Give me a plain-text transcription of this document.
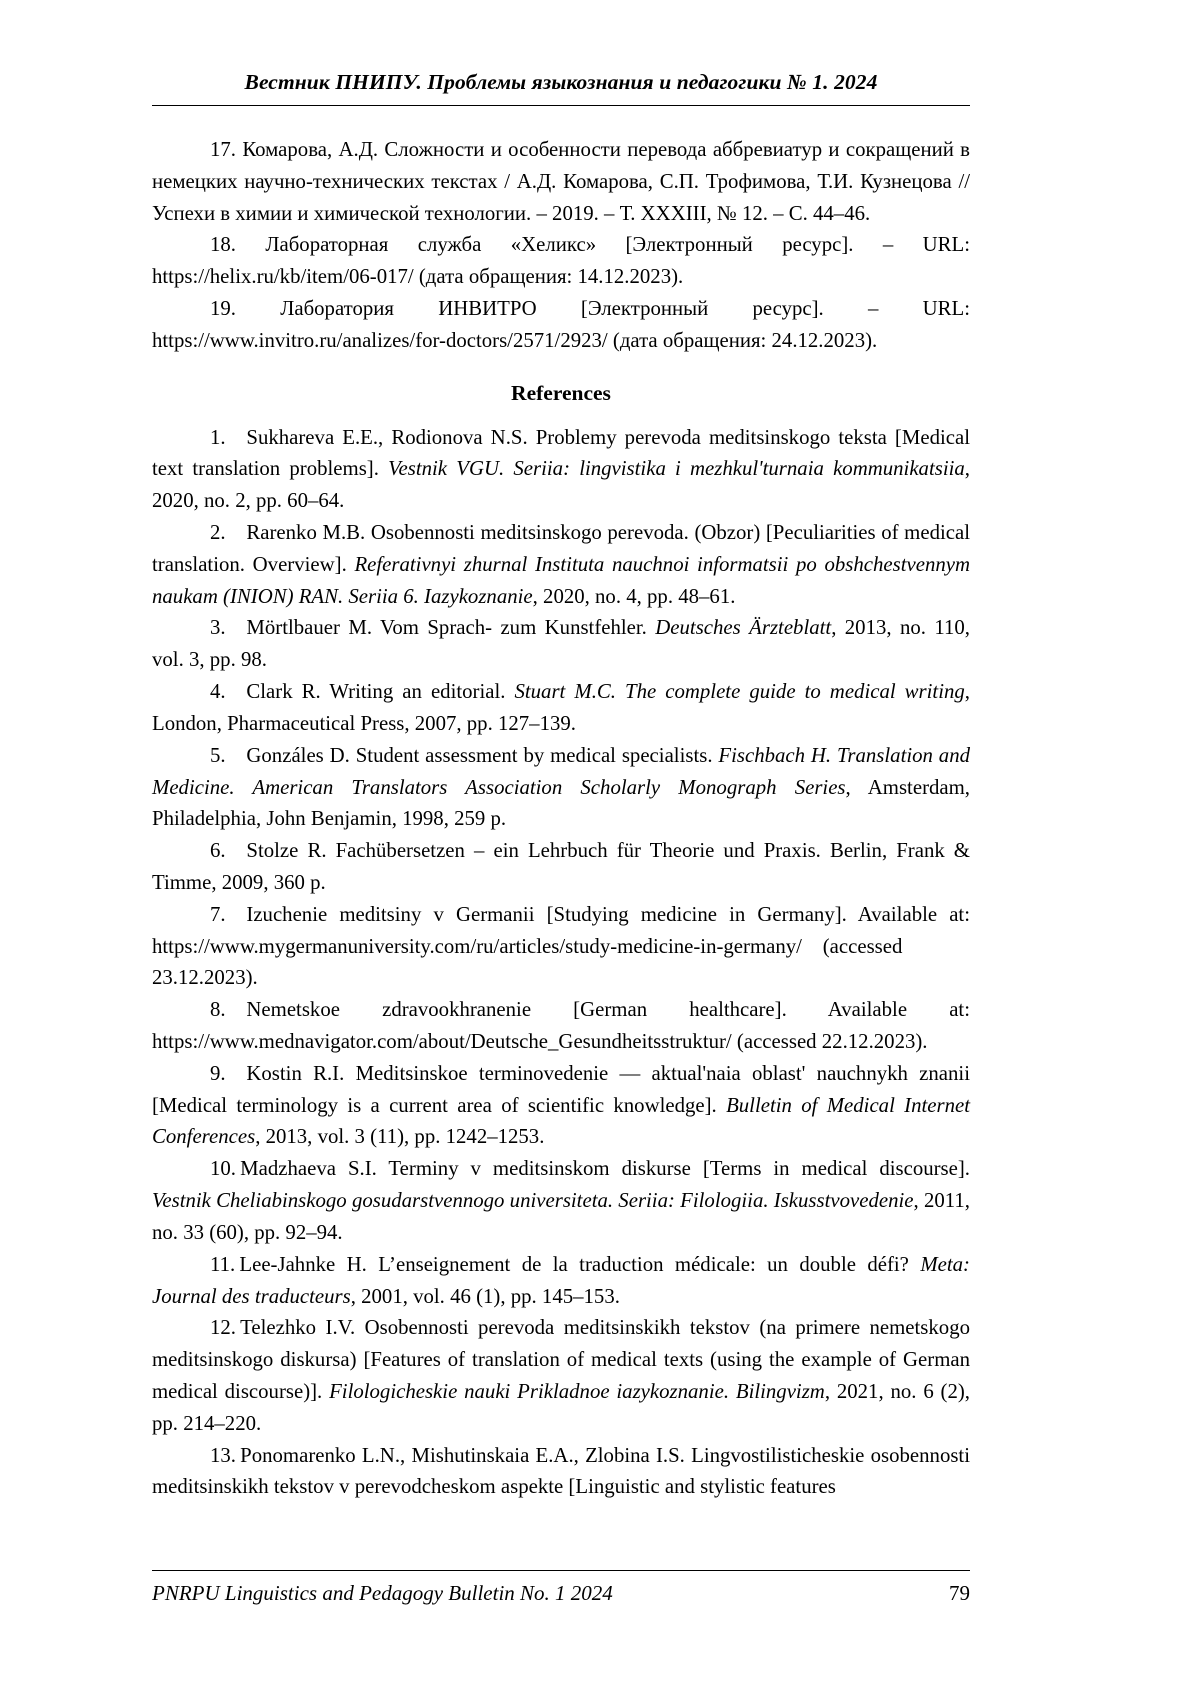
Вестник ПНИПУ. Проблемы языкознания и педагогики № 1. 2024

17. Комарова, А.Д. Сложности и особенности перевода аббревиатур и сокращений в немецких научно-технических текстах / А.Д. Комарова, С.П. Трофимова, Т.И. Кузнецова // Успехи в химии и химической технологии. – 2019. – Т. XXXIII, № 12. – С. 44–46.

18. Лабораторная служба «Хеликс» [Электронный ресурс]. – URL: https://helix.ru/kb/item/06-017/ (дата обращения: 14.12.2023).

19. Лаборатория ИНВИТРО [Электронный ресурс]. – URL: https://www.invitro.ru/analizes/for-doctors/2571/2923/ (дата обращения: 24.12.2023).

References

1. Sukhareva E.E., Rodionova N.S. Problemy perevoda meditsinskogo teksta [Medical text translation problems]. Vestnik VGU. Seriia: lingvistika i mezhkul'turnaia kommunikatsiia, 2020, no. 2, pp. 60–64.

2. Rarenko M.B. Osobennosti meditsinskogo perevoda. (Obzor) [Peculiarities of medical translation. Overview]. Referativnyi zhurnal Instituta nauchnoi informatsii po obshchestvennym naukam (INION) RAN. Seriia 6. Iazykoznanie, 2020, no. 4, pp. 48–61.

3. Mörtlbauer M. Vom Sprach- zum Kunstfehler. Deutsches Ärzteblatt, 2013, no. 110, vol. 3, pp. 98.

4. Clark R. Writing an editorial. Stuart M.C. The complete guide to medical writing, London, Pharmaceutical Press, 2007, pp. 127–139.

5. Gonzáles D. Student assessment by medical specialists. Fischbach H. Translation and Medicine. American Translators Association Scholarly Monograph Series, Amsterdam, Philadelphia, John Benjamin, 1998, 259 p.

6. Stolze R. Fachübersetzen – ein Lehrbuch für Theorie und Praxis. Berlin, Frank & Timme, 2009, 360 p.

7. Izuchenie meditsiny v Germanii [Studying medicine in Germany]. Available at: https://www.mygermanuniversity.com/ru/articles/study-medicine-in-germany/ (accessed 23.12.2023).

8. Nemetskoe zdravookhranenie [German healthcare]. Available at: https://www.mednavigator.com/about/Deutsche_Gesundheitsstruktur/ (accessed 22.12.2023).

9. Kostin R.I. Meditsinskoe terminovedenie — aktual'naia oblast' nauchnykh znanii [Medical terminology is a current area of scientific knowledge]. Bulletin of Medical Internet Conferences, 2013, vol. 3 (11), pp. 1242–1253.

10. Madzhaeva S.I. Terminy v meditsinskom diskurse [Terms in medical discourse]. Vestnik Cheliabinskogo gosudarstvennogo universiteta. Seriia: Filologiia. Iskusstvovedenie, 2011, no. 33 (60), pp. 92–94.

11. Lee-Jahnke H. L’enseignement de la traduction médicale: un double défi? Meta: Journal des traducteurs, 2001, vol. 46 (1), pp. 145–153.

12. Telezhko I.V. Osobennosti perevoda meditsinskikh tekstov (na primere nemetskogo meditsinskogo diskursa) [Features of translation of medical texts (using the example of German medical discourse)]. Filologicheskie nauki Prikladnoe iazykoznanie. Bilingvizm, 2021, no. 6 (2), pp. 214–220.

13. Ponomarenko L.N., Mishutinskaia E.A., Zlobina I.S. Lingvostilisticheskie osobennosti meditsinskikh tekstov v perevodcheskom aspekte [Linguistic and stylistic features

PNRPU Linguistics and Pedagogy Bulletin No. 1 2024	79
